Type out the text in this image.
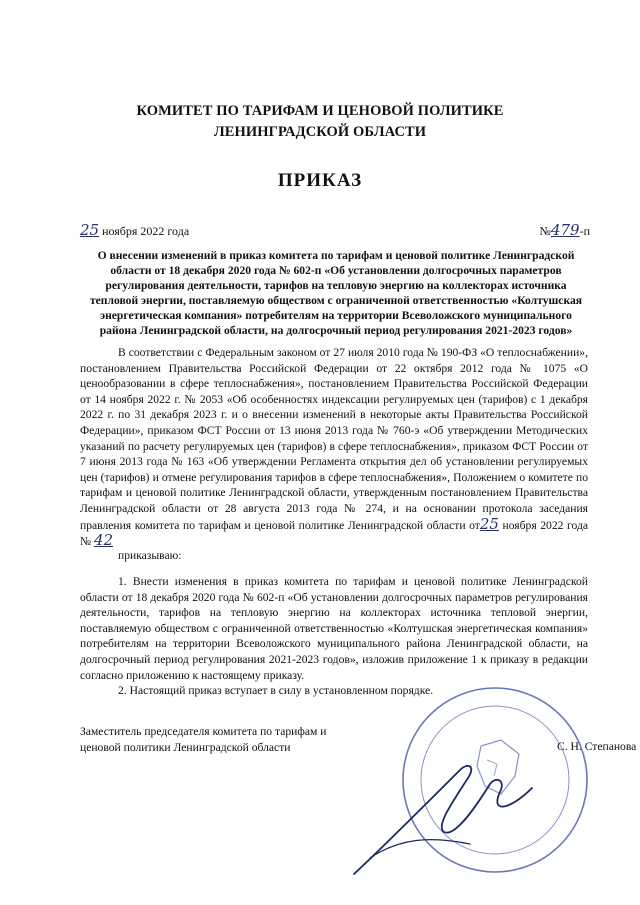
КОМИТЕТ ПО ТАРИФАМ И ЦЕНОВОЙ ПОЛИТИКЕ
ЛЕНИНГРАДСКОЙ ОБЛАСТИ
ПРИКАЗ
25 ноября 2022 года	№479-п
О внесении изменений в приказ комитета по тарифам и ценовой политике Ленинградской области от 18 декабря 2020 года № 602-п «Об установлении долгосрочных параметров регулирования деятельности, тарифов на тепловую энергию на коллекторах источника тепловой энергии, поставляемую обществом с ограниченной ответственностью «Колтушская энергетическая компания» потребителям на территории Всеволожского муниципального района Ленинградской области, на долгосрочный период регулирования 2021-2023 годов»

В соответствии с Федеральным законом от 27 июля 2010 года № 190-ФЗ «О теплоснабжении», постановлением Правительства Российской Федерации от 22 октября 2012 года № 1075 «О ценообразовании в сфере теплоснабжения», постановлением Правительства Российской Федерации от 14 ноября 2022 г. № 2053 «Об особенностях индексации регулируемых цен (тарифов) с 1 декабря 2022 г. по 31 декабря 2023 г. и о внесении изменений в некоторые акты Правительства Российской Федерации», приказом ФСТ России от 13 июня 2013 года № 760-э «Об утверждении Методических указаний по расчету регулируемых цен (тарифов) в сфере теплоснабжения», приказом ФСТ России от 7 июня 2013 года № 163 «Об утверждении Регламента открытия дел об установлении регулируемых цен (тарифов) и отмене регулирования тарифов в сфере теплоснабжения», Положением о комитете по тарифам и ценовой политике Ленинградской области, утвержденным постановлением Правительства Ленинградской области от 28 августа 2013 года № 274, и на основании протокола заседания правления комитета по тарифам и ценовой политике Ленинградской области от25 ноября 2022 года № 42

приказываю:

1. Внести изменения в приказ комитета по тарифам и ценовой политике Ленинградской области от 18 декабря 2020 года № 602-п «Об установлении долгосрочных параметров регулирования деятельности, тарифов на тепловую энергию на коллекторах источника тепловой энергии, поставляемую обществом с ограниченной ответственностью «Колтушская энергетическая компания» потребителям на территории Всеволожского муниципального района Ленинградской области, на долгосрочный период регулирования 2021-2023 годов», изложив приложение 1 к приказу в редакции согласно приложению к настоящему приказу.

2. Настоящий приказ вступает в силу в установленном порядке.

Заместитель председателя комитета по тарифам и ценовой политики Ленинградской области	С. Н. Степанова
